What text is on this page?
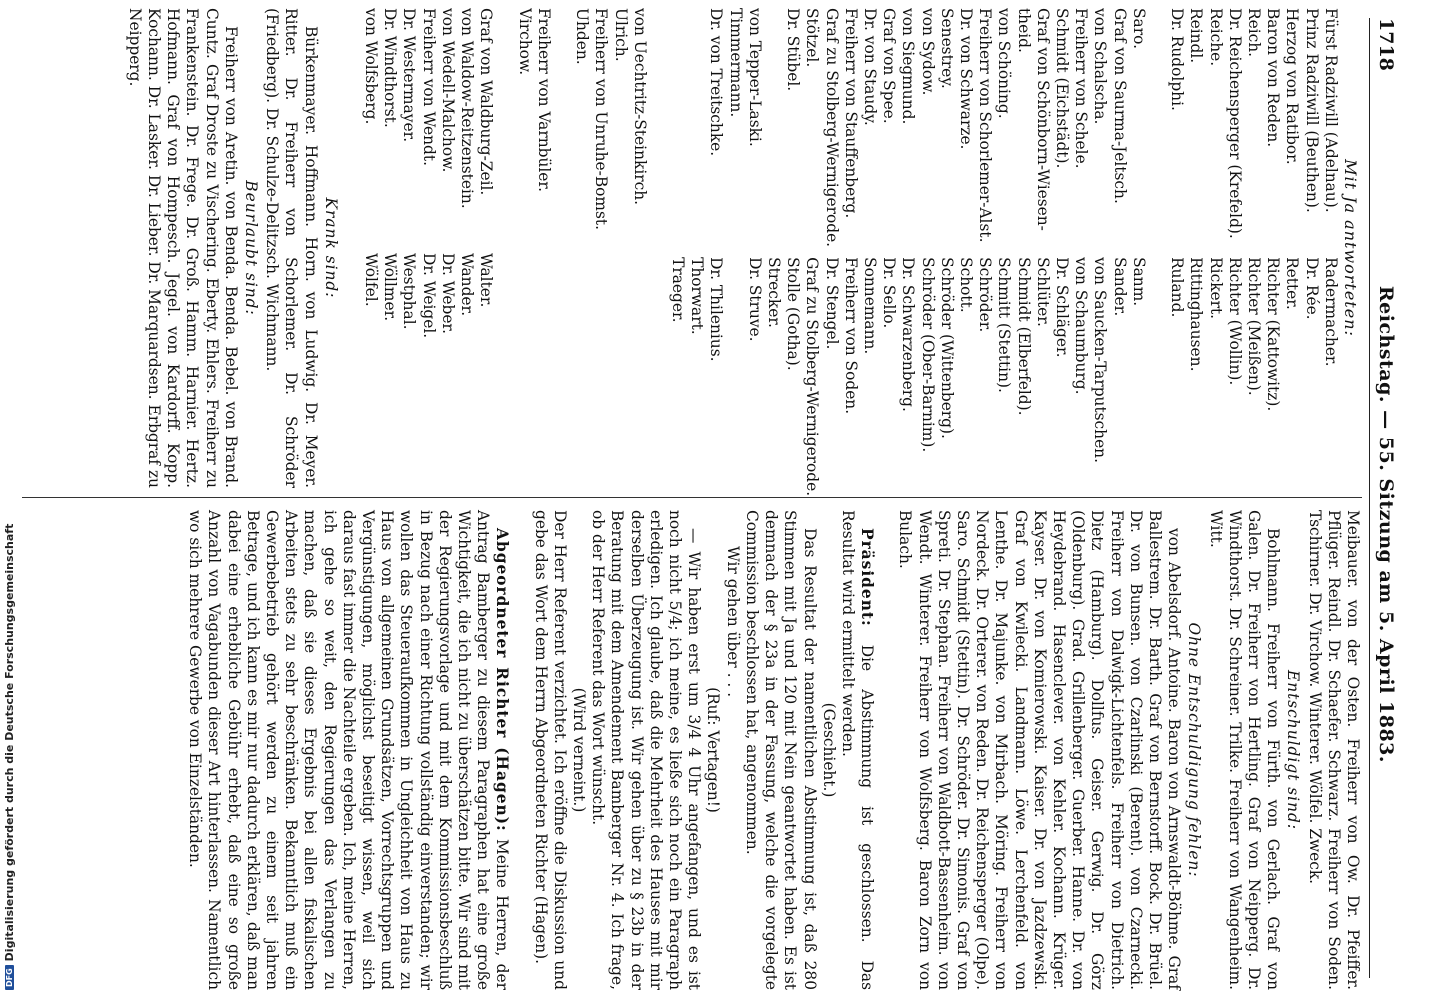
DFG
Digitalisierung gefördert durch die Deutsche Forschungsgemeinschaft
1718
Reichstag. — 55. Sitzung am 5. April 1883.
Mit Ja antworteten:
Fürst Radziwill (Adelnau).
Prinz Radziwill (Beuthen).
Herzog von Ratibor.
Baron von Reden.
Reich.
Dr. Reichensperger (Krefeld).
Reiche.
Reindl.
Dr. Rudolphi.
Saro.
Graf von Saurma-Jeltsch.
von Schalscha.
Freiherr von Schele.
Schmidt (Eichstädt).
Graf von Schönborn-Wiesen-
theid.
von Schöning.
Freiherr von Schorlemer-Alst.
Dr. von Schwarze.
Senestrey.
von Sydow.
von Siegmund.
Graf von Spee.
Dr. von Staudy.
Freiherr von Stauffenberg.
Graf zu Stolberg-Wernigerode.
Stötzel.
Dr. Stübel.
von Tepper-Laski.
Timmermann.
Dr. von Treitschke.
Radermacher.
Dr. Rée.
Retter.
Richter (Kattowitz).
Richter (Meißen).
Richter (Wollin).
Rickert.
Rittinghausen.
Ruland.
Sanm.
Sander.
von Saucken-Tarputschen.
von Schaumburg.
Dr. Schläger.
Schlüter.
Schmidt (Elberfeld).
Schmitt (Stettin).
Schröder.
Schott.
Schröder (Wittenberg).
Schröder (Ober-Barnim).
Dr. Schwarzenberg.
Dr. Sello.
Sonnemann.
Freiherr von Soden.
Dr. Stengel.
Graf zu Stolberg-Wernigerode.
Stolle (Gotha).
Strecker.
Dr. Struve.
Dr. Thilenius.
Thorwart.
Traeger.
von Uechtritz-Steinkirch.
Ulrich.
Freiherr von Unruhe-Bomst.
Uhden.
Freiherr von Varnbüler.
Virchow.
Graf von Waldburg-Zeil.
von Waldow-Reitzenstein.
von Wedell-Malchow.
Freiherr von Wendt.
Dr. Westermayer.
Dr. Windthorst.
von Wolfsberg.
Walter.
Wander.
Dr. Weber.
Dr. Weigel.
Westphal.
Wöllmer.
Wölfel.
Krank sind:

Bürkenmayer. Hoffmann. Horn. von Ludwig. Dr. Meyer. Ritter. Dr. Freiherr von Schorlemer. Dr. Schröder (Friedberg). Dr. Schulze-Delitzsch. Wichmann.

Beurlaubt sind:

Freiherr von Aretin. von Benda. Benda. Bebel. von Brand. Cuntz. Graf Droste zu Vischering. Eberty. Ehlers. Freiherr zu Frankenstein. Dr. Frege. Dr. Groß. Hamm. Harnier. Hertz. Hofmann. Graf von Hompesch. Jegel. von Kardorff. Kopp. Kochann. Dr. Lasker. Dr. Lieber. Dr. Marquardsen. Erbgraf zu Neipperg.

Meibauer. von der Osten. Freiherr von Ow. Dr. Pfeiffer. Pflüger. Reindl. Dr. Schaefer. Schwarz. Freiherr von Soden. Tschirner. Dr. Virchow. Winterer. Wölfel. Zweck.

Entschuldigt sind:

Bohlmann. Freiherr von Fürth. von Gerlach. Graf von Galen. Dr. Freiherr von Hertling. Graf von Neipperg. Dr. Windthorst. Dr. Schreiner. Trilke. Freiherr von Wangenheim. Witt.

Ohne Entschuldigung fehlen:

von Abelsdorf. Antoine. Baron von Arnswaldt-Böhme. Graf Ballestrem. Dr. Barth. Graf von Bernstorff. Bock. Dr. Brüel. Dr. von Bunsen. von Czarlinski (Berent). von Czarnecki. Freiherr von Dalwigk-Lichtenfels. Freiherr von Dietrich. Dietz (Hamburg). Dollfus. Geiser. Gerwig. Dr. Görz (Oldenburg). Grad. Grillenberger. Guerber. Hanne. Dr. von Heydebrand. Hasenclever. von Kehler. Kochann. Krüger. Kayser. Dr. von Komierowski. Kaiser. Dr. von Jazdzewski. Graf von Kwilecki. Landmann. Löwe. Lerchenfeld. von Lenthe. Dr. Majunke. von Mirbach. Möring. Freiherr von Nordeck. Dr. Orterer. von Reden. Dr. Reichensperger (Olpe). Saro. Schmidt (Stettin). Dr. Schröder. Dr. Simonis. Graf von Spreti. Dr. Stephan. Freiherr von Waldbott-Bassenheim. von Wendt. Winterer. Freiherr von Wolfsberg. Baron Zorn von Bulach.

Präsident: Die Abstimmung ist geschlossen. Das Resultat wird ermittelt werden.

(Geschieht.)

Das Resultat der namentlichen Abstimmung ist, daß 280 Stimmen mit Ja und 120 mit Nein geantwortet haben. Es ist demnach der § 23a in der Fassung, welche die vorgelegte Commission beschlossen hat, angenommen.

Wir gehen über . . .
(Ruf: Vertagen!)

— Wir haben erst um 3/4 4 Uhr angefangen, und es ist noch nicht 5/4; ich meine, es ließe sich noch ein Paragraph erledigen. Ich glaube, daß die Mehrheit des Hauses mit mir derselben Überzeugung ist. Wir gehen über zu § 23b in der Beratung mit dem Amendement Bamberger Nr. 4. Ich frage, ob der Herr Referent das Wort wünscht.

(Wird verneint.)

Der Herr Referent verzichtet. Ich eröffne die Diskussion und gebe das Wort dem Herrn Abgeordneten Richter (Hagen).

Abgeordneter Richter (Hagen): Meine Herren, der Antrag Bamberger zu diesem Paragraphen hat eine große Wichtigkeit, die ich nicht zu überschätzen bitte. Wir sind mit der Regierungsvorlage und mit dem Kommissionsbeschluß in Bezug nach einer Richtung vollständig einverstanden; wir wollen das Steueraufkommen in Ungleichheit von Haus zu Haus von allgemeinen Grundsätzen, Vorrechtsgruppen und Vergünstigungen, möglichst beseitigt wissen, weil sich daraus fast immer die Nachteile ergeben. Ich, meine Herren, ich gehe so weit, den Regierungen das Verlangen zu machen, daß sie dieses Ergebnis bei allen fiskalischen Arbeiten stets zu sehr beschränken. Bekanntlich muß ein Gewerbebetrieb gehört werden zu einem seit jahren Betrage, und ich kann es mir nur dadurch erklären, daß man dabei eine erhebliche Gebühr erhebt, daß eine so große Anzahl von Vagabunden dieser Art hinterlassen. Namentlich wo sich mehrere Gewerbe von Einzelständen.
